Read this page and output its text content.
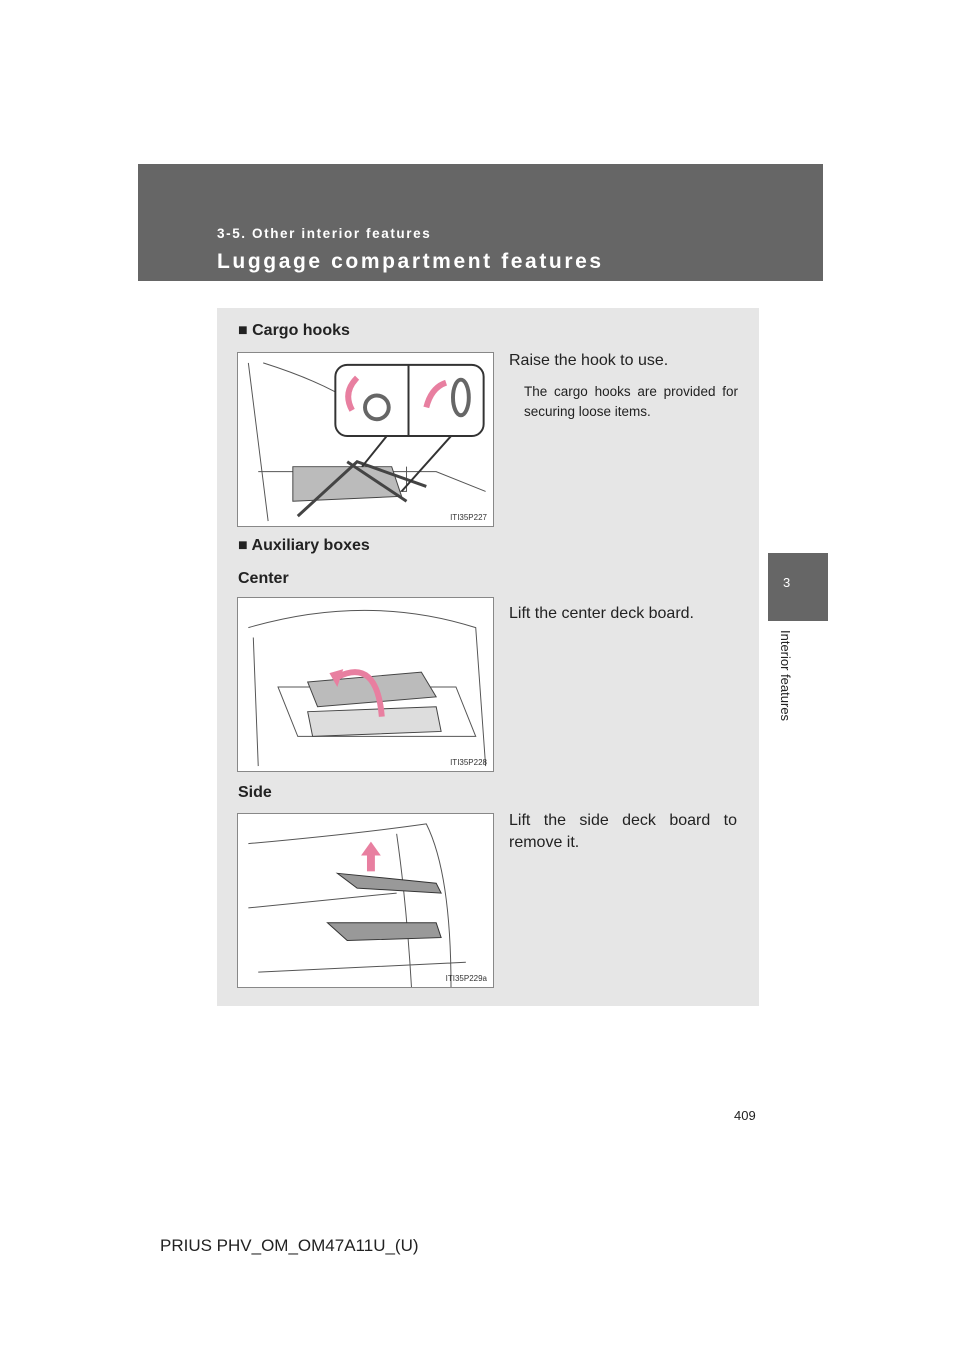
3-5. Other interior features
Luggage compartment features
3
Interior features
■ Cargo hooks
ITI35P227
Raise the hook to use.
The cargo hooks are provided for securing loose items.
■ Auxiliary boxes
Center
ITI35P228
Lift the center deck board.
Side
ITI35P229a
Lift the side deck board to remove it.
409
PRIUS PHV_OM_OM47A11U_(U)
